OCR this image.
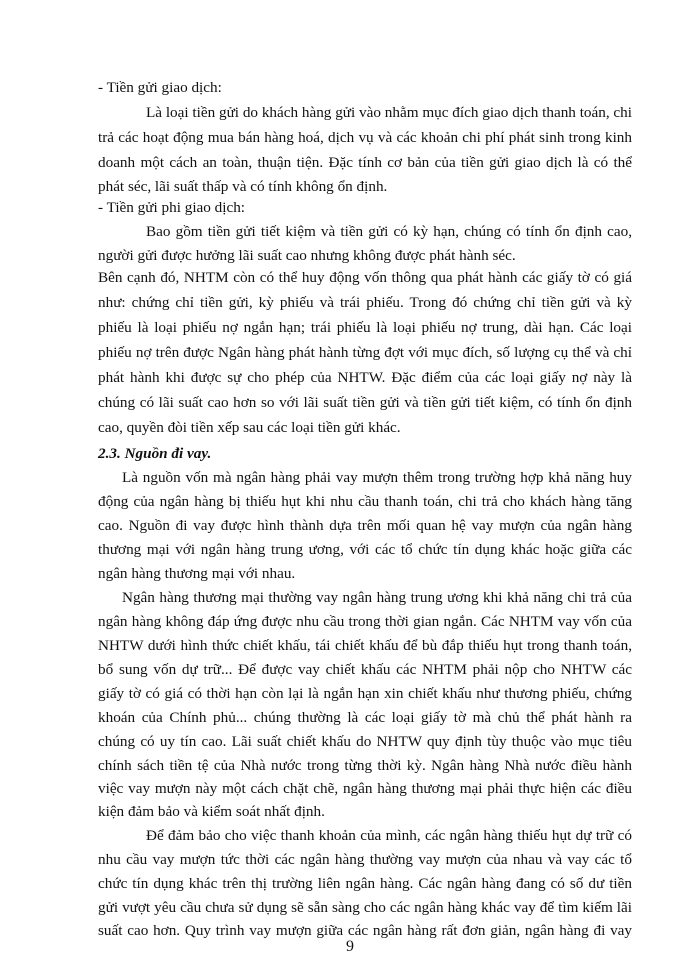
- Tiền gửi giao dịch:
Là loại tiền gửi do khách hàng gửi vào nhằm mục đích giao dịch thanh toán, chi
trả các hoạt động mua bán hàng hoá, dịch vụ và các khoản chi phí phát sinh trong kinh
doanh một cách an toàn, thuận tiện. Đặc tính cơ bản của tiền gửi giao dịch là có thể
phát séc, lãi suất thấp và có tính không ổn định.
- Tiền gửi phi giao dịch:
Bao gồm tiền gửi tiết kiệm và tiền gửi có kỳ hạn, chúng có tính ổn định cao,
người gửi được hưởng lãi suất cao nhưng không được phát hành séc.
Bên cạnh đó, NHTM còn có thể huy động vốn thông qua phát hành các giấy tờ có giá
như: chứng chỉ tiền gửi, kỳ phiếu và trái phiếu. Trong đó chứng chỉ tiền gửi và kỳ
phiếu là loại phiếu nợ ngắn hạn; trái phiếu là loại phiếu nợ trung, dài hạn. Các loại
phiếu nợ trên được Ngân hàng phát hành từng đợt với mục đích, số lượng cụ thể và chỉ
phát hành khi được sự cho phép của NHTW. Đặc điểm của các loại giấy nợ này là
chúng có lãi suất cao hơn so với lãi suất tiền gửi và tiền gửi tiết kiệm, có tính ổn định
cao, quyền đòi tiền xếp sau các loại tiền gửi khác.
2.3. Nguồn đi vay.
Là nguồn vốn mà ngân hàng phải vay mượn thêm trong trường hợp khả năng huy
động của ngân hàng bị thiếu hụt khi nhu cầu thanh toán, chi trả cho khách hàng tăng
cao. Nguồn đi vay được hình thành dựa trên mối quan hệ vay mượn của ngân hàng
thương mại với ngân hàng trung ương, với các tổ chức tín dụng khác hoặc giữa các
ngân hàng thương mại với nhau.
Ngân hàng thương mại thường vay ngân hàng trung ương khi khả năng chi trả của
ngân hàng không đáp ứng được nhu cầu trong thời gian ngắn. Các NHTM vay vốn của
NHTW dưới hình thức chiết khấu, tái chiết khấu để bù đắp thiếu hụt trong thanh toán,
bổ sung vốn dự trữ... Để được vay chiết khấu các NHTM phải nộp cho NHTW các
giấy tờ có giá có thời hạn còn lại là ngắn hạn xin chiết khấu như thương phiếu, chứng
khoán của Chính phủ... chúng thường là các loại giấy tờ mà chủ thể phát hành ra
chúng có uy tín cao. Lãi suất chiết khấu do NHTW quy định tùy thuộc vào mục tiêu
chính sách tiền tệ của Nhà nước trong từng thời kỳ. Ngân hàng Nhà nước điều hành
việc vay mượn này một cách chặt chẽ, ngân hàng thương mại phải thực hiện các điều
kiện đảm bảo và kiểm soát nhất định.
Để đảm bảo cho việc thanh khoản của mình, các ngân hàng thiếu hụt dự trữ có
nhu cầu vay mượn tức thời các ngân hàng thường vay mượn của nhau và vay các tổ
chức tín dụng khác trên thị trường liên ngân hàng. Các ngân hàng đang có số dư tiền
gửi vượt yêu cầu chưa sử dụng sẽ sẵn sàng cho các ngân hàng khác vay để tìm kiếm lãi
suất cao hơn. Quy trình vay mượn giữa các ngân hàng rất đơn giản, ngân hàng đi vay
9
